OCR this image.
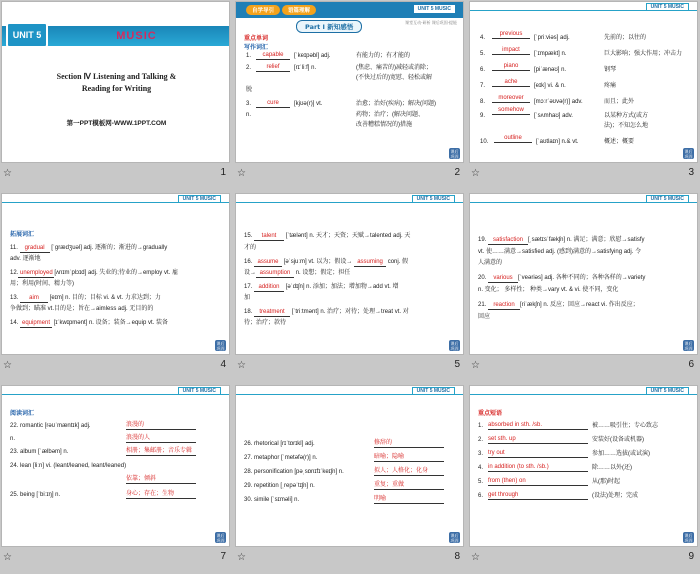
UNIT 5	MUSIC
Section Ⅳ Listening and Talking &
Reading for Writing
第一PPT模板网-WWW.1PPT.COM
☆	1
自学导引	语篇理解	UNIT 5 MUSIC
Part Ⅰ 新知感悟
课堂互动·研析 课后巩固·提能
重点单词
写作词汇
1.	capable	[ˈkeɪpəbl] adj.	有能力的；有才能的
2.	relief	[rɪˈliːf] n.	(焦虑、痛苦的)减轻或消除；
(不快过后的)宽慰、轻松或解
脱
3.	cure	[kjʊə(r)] vt.	治愈；治好(疾病)；解决(问题)
n.	药物；治疗；(解决问题、
改善糟糕情况的)措施
课后 巩固
☆	2
UNIT 5 MUSIC
4.
previous
[ˈpriːviəs] adj.	先前的；以往的
5.
impact
[ˈɪmpækt] n.	巨大影响；强大作用；冲击力
6.
piano
[piˈænəʊ] n.	钢琴
7.
ache
[eɪk] vi. & n.	疼痛
8.
moreover
[mɔːrˈəʊvə(r)] adv.	而且；此外
9.
somehow
[ˈsʌmhaʊ] adv.	以某种方式(或方
法)；不知怎么地
10.
outline
[ˈaʊtlaɪn] n.& vt.	概述；概要
课后 巩固
☆	3
UNIT 5 MUSIC
拓展词汇
11. gradual [ˈɡrædʒuəl] adj. 逐渐的；渐进的→gradually
adv. 逐渐地
12. unemployed [ʌnɪmˈplɔɪd] adj. 失业的;待业的→employ vt. 雇
用；利用(时间、精力等)
13. aim [eɪm] n. 目的；目标 vi. & vt. 力求达到；力
争做到；瞄准 vt.目的是；旨在→aimless adj. 无目的的
14. equipment [ɪˈkwɪpmənt] n. 设备；装备→equip vt. 装备
课后 巩固
☆	4
UNIT 5 MUSIC
15. talent [ˈtælənt] n. 天才；天资；天赋→talented adj. 天
才的
16. assume [əˈsjuːm] vt. 以为；假设→ assuming conj. 假
设→ assumption n. 设想；假定；担任
17. addition [əˈdɪʃn] n. 添加；加法；增加物→add vt. 增
加
18. treatment [ˈtriːtmənt] n. 治疗；对待；处理→treat vt. 对
待；治疗；款待
课后 巩固
☆	5
UNIT 5 MUSIC
19. satisfaction [ˌsætɪsˈfækʃn] n. 满足；满意；欣慰→satisfy
vt. 使……满意→satisfied adj. (感到)满意的→satisfying adj. 令
人满意的
20. various [ˈveəriəs] adj. 各种不同的；各种各样的→variety
n. 变化； 多样性； 种类→vary vt. & vi. 使不同，变化
21. reaction [riˈækʃn] n. 反应；回应→react vi. 作出反应；
回应
课后 巩固
☆	6
UNIT 5 MUSIC
阅读词汇
22. romantic [rəʊˈmæntɪk] adj.	浪漫的
n.	浪漫的人
23. album [ˈælbəm] n.	相册；集邮册；音乐专辑
24. lean [liːn] vi. (leant/leaned, leant/leaned)
依靠；倾斜
25. being [ˈbiːɪŋ] n.	身心；存在；生物
课后 巩固
☆	7
UNIT 5 MUSIC
26. rhetorical [rɪˈtɒrɪkl] adj.	修辞的
27. metaphor [ˈmetəfə(r)] n.	暗喻；隐喻
28. personification [pəˌsɒnɪfɪˈkeɪʃn] n.	拟人；人格化；化身
29. repetition [ˌrepəˈtɪʃn] n.	重复；重做
30. simile [ˈsɪməli] n.	明喻
课后 巩固
☆	8
UNIT 5 MUSIC
重点短语
1. absorbed in sth. /sb.	被……吸引住；专心致志
2. set sth. up	安装好(设备或机器)
3. try out	参加……选拔(或试演)
4. in addition (to sth. /sb.)	除……以外(还)
5. from (then) on	从(那)时起
6. get through	(设法)处理；完成
课后 巩固
☆	9
